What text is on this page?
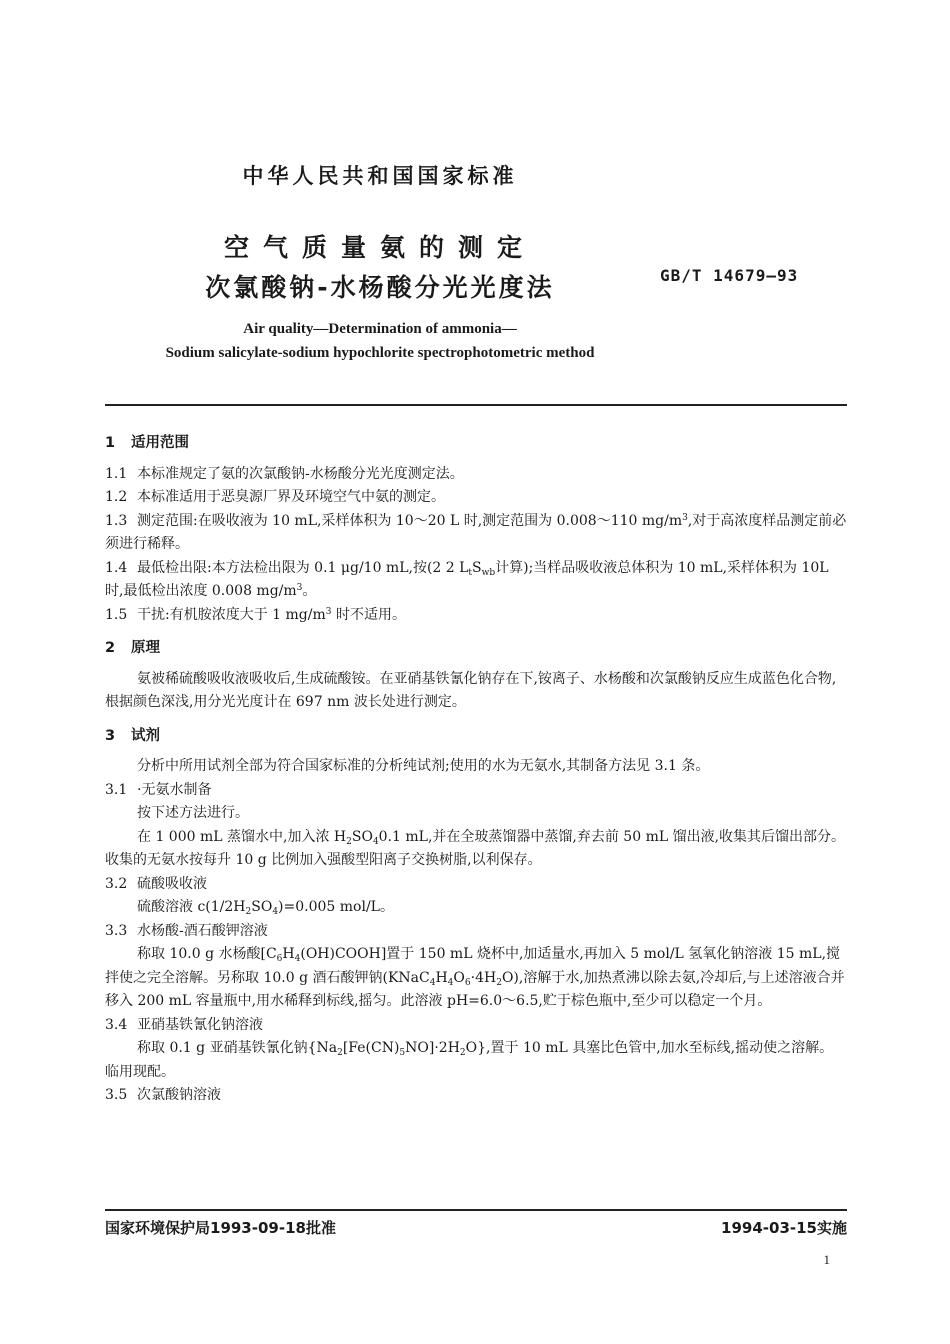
中华人民共和国国家标准
空气质量氨的测定
次氯酸钠-水杨酸分光光度法	GB/T 14679—93
Air quality—Determination of ammonia—
Sodium salicylate-sodium hypochlorite spectrophotometric method
1 适用范围
1.1 本标准规定了氨的次氯酸钠-水杨酸分光光度测定法。
1.2 本标准适用于恶臭源厂界及环境空气中氨的测定。
1.3 测定范围:在吸收液为 10 mL,采样体积为 10～20 L 时,测定范围为 0.008～110 $mg/m^3$,对于高浓度样品测定前必须进行稀释。
1.4 最低检出限:本方法检出限为 0.1 μg/10 mL,按(2 2 $L_tS_{wb}$计算);当样品吸收液总体积为 10 mL,采样体积为 10L 时,最低检出浓度 0.008 $mg/m^3$。
1.5 干扰:有机胺浓度大于 1 $mg/m^3$ 时不适用。
2 原理
氨被稀硫酸吸收液吸收后,生成硫酸铵。在亚硝基铁氰化钠存在下,铵离子、水杨酸和次氯酸钠反应生成蓝色化合物,根据颜色深浅,用分光光度计在 697 nm 波长处进行测定。
3 试剂
分析中所用试剂全部为符合国家标准的分析纯试剂;使用的水为无氨水,其制备方法见 3.1 条。
3.1 ·无氨水制备
按下述方法进行。
在 1 000 mL 蒸馏水中,加入浓 $H_2SO_40.1$ mL,并在全玻蒸馏器中蒸馏,弃去前 50 mL 馏出液,收集其后馏出部分。收集的无氨水按每升 10 g 比例加入强酸型阳离子交换树脂,以利保存。
3.2 硫酸吸收液
硫酸溶液 $c(1/2H_2SO_4)=0.005$ mol/L。
3.3 水杨酸-酒石酸钾溶液
称取 10.0 g 水杨酸$[C_6H_4(OH)COOH]$置于 150 mL 烧杯中,加适量水,再加入 5 mol/L 氢氧化钠溶液 15 mL,搅拌使之完全溶解。另称取 10.0 g 酒石酸钾钠$(KNaC_4H_4O_6\cdot 4H_2O)$,溶解于水,加热煮沸以除去氨,冷却后,与上述溶液合并移入 200 mL 容量瓶中,用水稀释到标线,摇匀。此溶液 pH=6.0～6.5,贮于棕色瓶中,至少可以稳定一个月。
3.4 亚硝基铁氰化钠溶液
称取 0.1 g 亚硝基铁氰化钠$\{Na_2[Fe(CN)_5NO]\cdot 2H_2O\}$,置于 10 mL 具塞比色管中,加水至标线,摇动使之溶解。临用现配。
3.5 次氯酸钠溶液
国家环境保护局1993-09-18批准	1994-03-15实施
1
